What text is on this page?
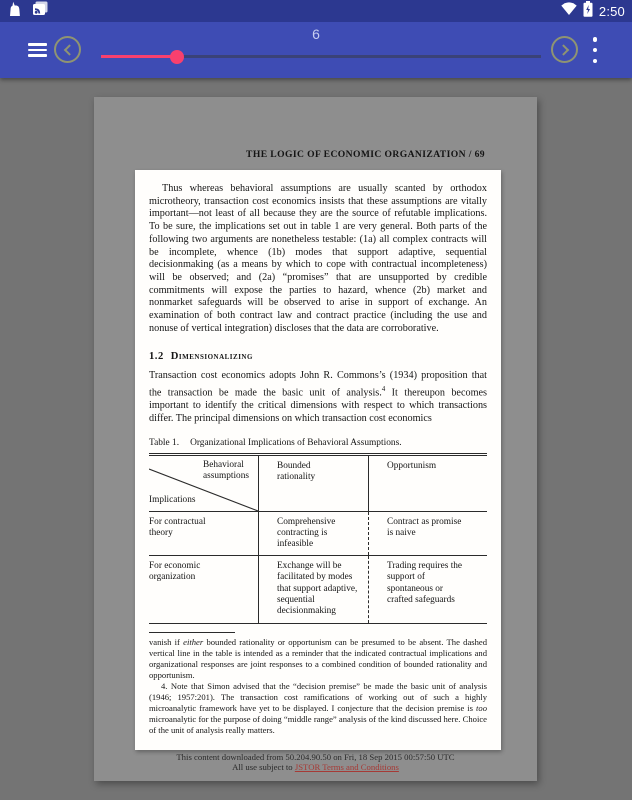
2:50
6
THE LOGIC OF ECONOMIC ORGANIZATION / 69

Thus whereas behavioral assumptions are usually scanted by orthodox microtheory, transaction cost economics insists that these assumptions are vitally important—not least of all because they are the source of refutable implications. To be sure, the implications set out in table 1 are very general. Both parts of the following two arguments are nonetheless testable: (1a) all complex contracts will be incomplete, whence (1b) modes that support adaptive, sequential decisionmaking (as a means by which to cope with contractual incompleteness) will be observed; and (2a) “promises” that are unsupported by credible commitments will expose the parties to hazard, whence (2b) market and nonmarket safeguards will be observed to arise in support of exchange. An examination of both contract law and contract practice (including the use and nonuse of vertical integration) discloses that the data are corroborative.

1.2 Dimensionalizing

Transaction cost economics adopts John R. Commons’s (1934) proposition that the transaction be made the basic unit of analysis.$^4$ It thereupon becomes important to identify the critical dimensions with respect to which transactions differ. The principal dimensions on which transaction cost economics

Table 1. Organizational Implications of Behavioral Assumptions.
Behavioral assumptions
Implications
Bounded rationality
Opportunism
For contractual theory
Comprehensive contracting is infeasible
Contract as promise is naive
For economic organization
Exchange will be facilitated by modes that support adaptive, sequential decisionmaking
Trading requires the support of spontaneous or crafted safeguards

vanish if either bounded rationality or opportunism can be presumed to be absent. The dashed vertical line in the table is intended as a reminder that the indicated contractual implications and organizational responses are joint responses to a combined condition of bounded rationality and opportunism.

4. Note that Simon advised that the “decision premise” be made the basic unit of analysis (1946; 1957:201). The transaction cost ramifications of working out of such a highly microanalytic framework have yet to be displayed. I conjecture that the decision premise is too microanalytic for the purpose of doing “middle range” analysis of the kind discussed here. Choice of the unit of analysis really matters.

This content downloaded from 50.204.90.50 on Fri, 18 Sep 2015 00:57:50 UTC
All use subject to JSTOR Terms and Conditions
